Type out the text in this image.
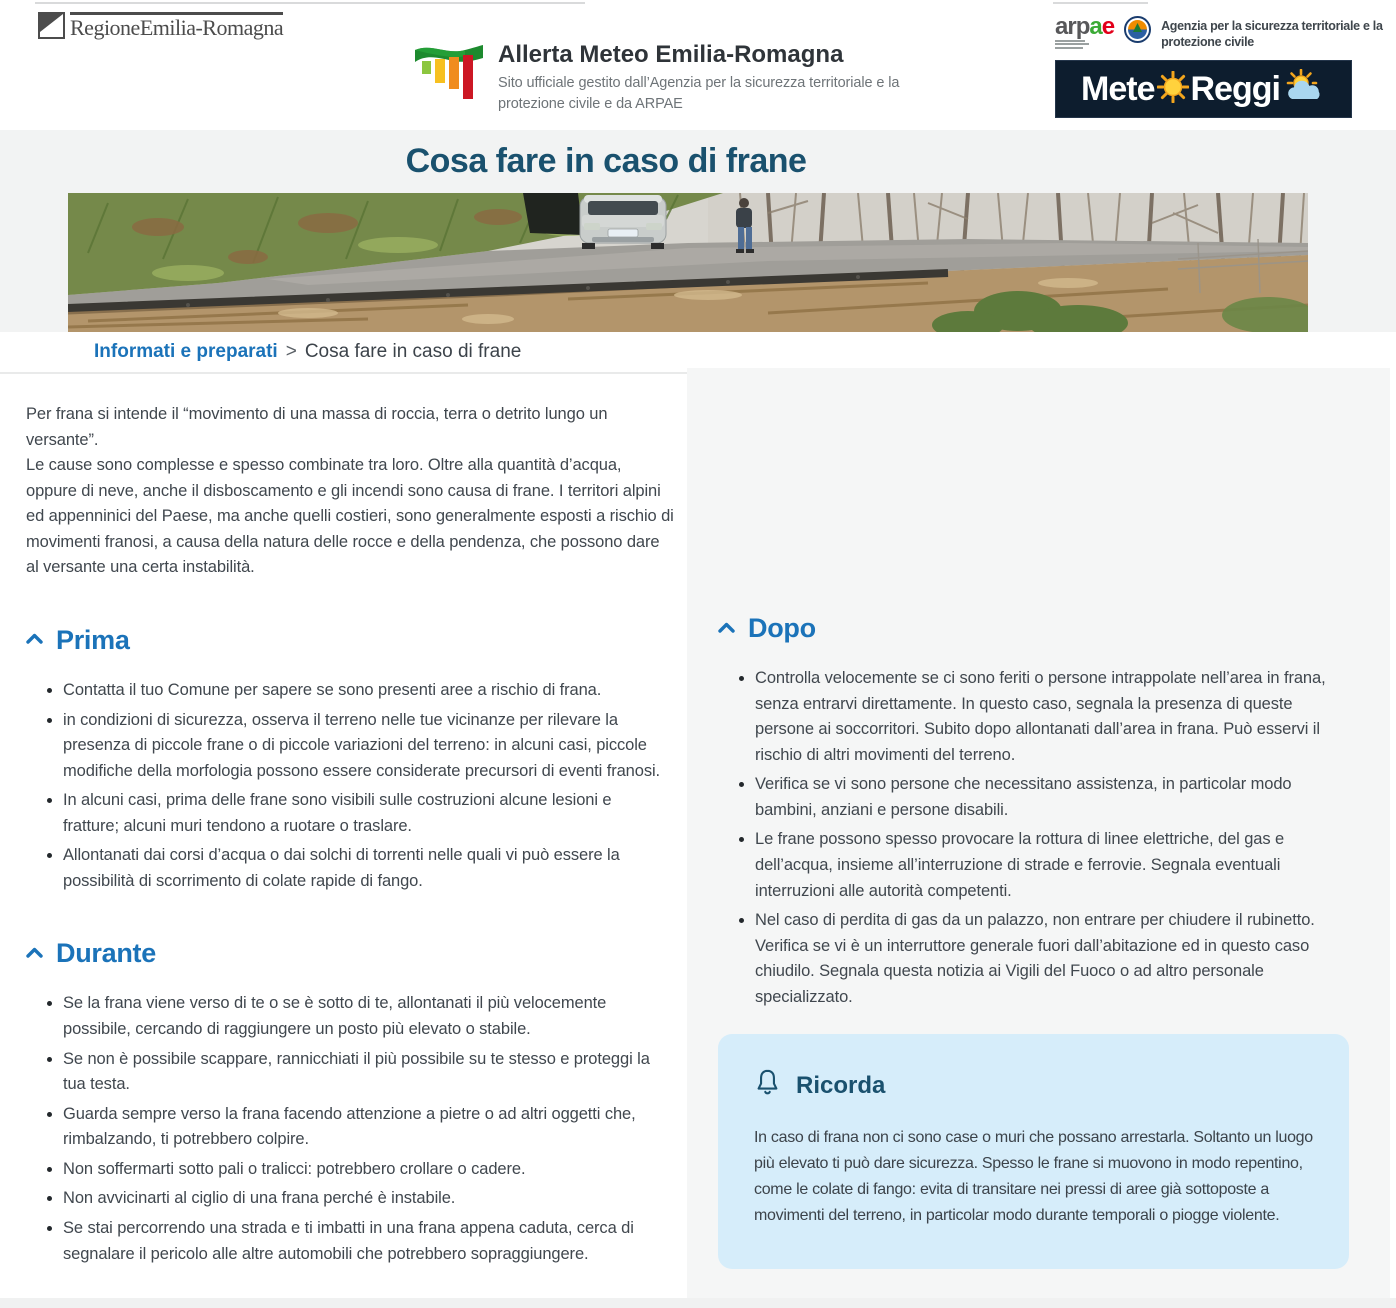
RegioneEmilia-Romagna
Allerta Meteo Emilia-Romagna
Sito ufficiale gestito dall’Agenzia per la sicurezza territoriale e la protezione civile e da ARPAE
arpae	Agenzia per la sicurezza territoriale e la protezione civile
Mete Reggi
Cosa fare in caso di frane
Informati e preparati > Cosa fare in caso di frane
Dopo
• Controlla velocemente se ci sono feriti o persone intrappolate nell’area in frana, senza entrarvi direttamente. In questo caso, segnala la presenza di queste persone ai soccorritori. Subito dopo allontanati dall’area in frana. Può esservi il rischio di altri movimenti del terreno.
• Verifica se vi sono persone che necessitano assistenza, in particolar modo bambini, anziani e persone disabili.
• Le frane possono spesso provocare la rottura di linee elettriche, del gas e dell’acqua, insieme all’interruzione di strade e ferrovie. Segnala eventuali interruzioni alle autorità competenti.
• Nel caso di perdita di gas da un palazzo, non entrare per chiudere il rubinetto. Verifica se vi è un interruttore generale fuori dall’abitazione ed in questo caso chiudilo. Segnala questa notizia ai Vigili del Fuoco o ad altro personale specializzato.
Ricorda

In caso di frana non ci sono case o muri che possano arrestarla. Soltanto un luogo più elevato ti può dare sicurezza. Spesso le frane si muovono in modo repentino, come le colate di fango: evita di transitare nei pressi di aree già sottoposte a movimenti del terreno, in particolar modo durante temporali o piogge violente.

Per frana si intende il “movimento di una massa di roccia, terra o detrito lungo un versante”.

Le cause sono complesse e spesso combinate tra loro. Oltre alla quantità d’acqua, oppure di neve, anche il disboscamento e gli incendi sono causa di frane. I territori alpini ed appenninici del Paese, ma anche quelli costieri, sono generalmente esposti a rischio di movimenti franosi, a causa della natura delle rocce e della pendenza, che possono dare al versante una certa instabilità.

Prima
• Contatta il tuo Comune per sapere se sono presenti aree a rischio di frana.
• in condizioni di sicurezza, osserva il terreno nelle tue vicinanze per rilevare la presenza di piccole frane o di piccole variazioni del terreno: in alcuni casi, piccole modifiche della morfologia possono essere considerate precursori di eventi franosi.
• In alcuni casi, prima delle frane sono visibili sulle costruzioni alcune lesioni e fratture; alcuni muri tendono a ruotare o traslare.
• Allontanati dai corsi d’acqua o dai solchi di torrenti nelle quali vi può essere la possibilità di scorrimento di colate rapide di fango.
Durante
• Se la frana viene verso di te o se è sotto di te, allontanati il più velocemente possibile, cercando di raggiungere un posto più elevato o stabile.
• Se non è possibile scappare, rannicchiati il più possibile su te stesso e proteggi la tua testa.
• Guarda sempre verso la frana facendo attenzione a pietre o ad altri oggetti che, rimbalzando, ti potrebbero colpire.
• Non soffermarti sotto pali o tralicci: potrebbero crollare o cadere.
• Non avvicinarti al ciglio di una frana perché è instabile.
• Se stai percorrendo una strada e ti imbatti in una frana appena caduta, cerca di segnalare il pericolo alle altre automobili che potrebbero sopraggiungere.
